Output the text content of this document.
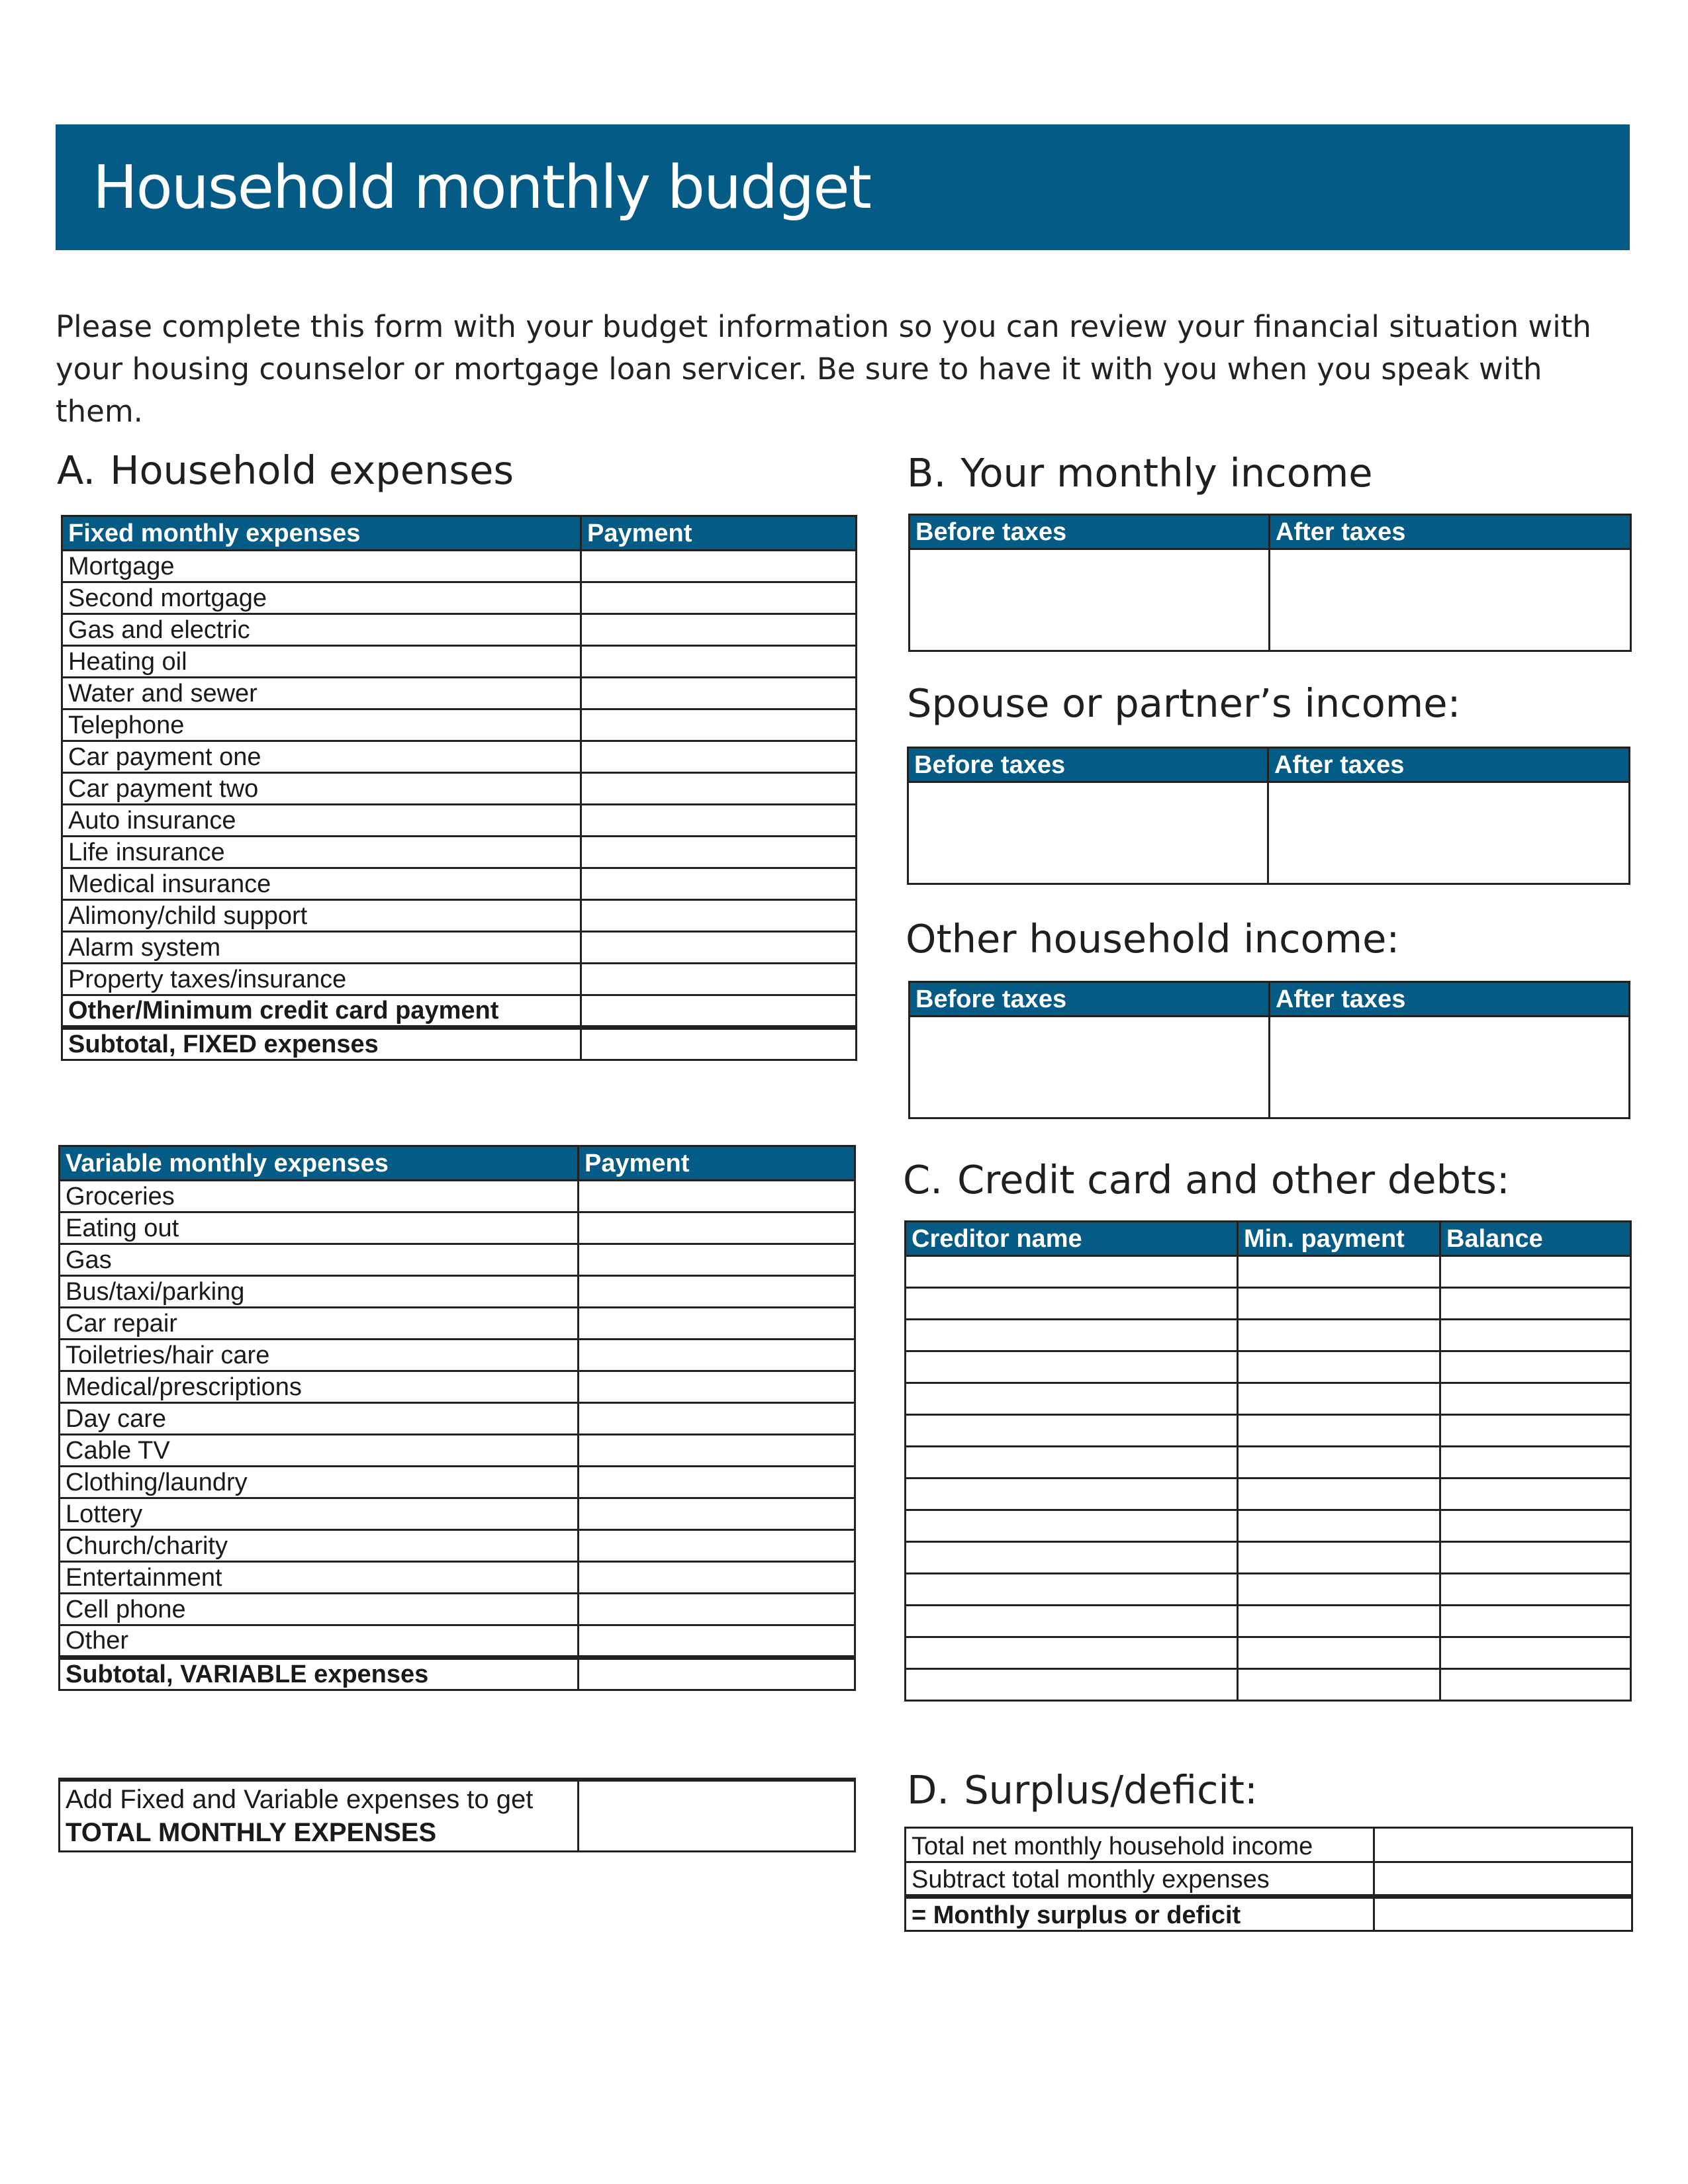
Household monthly budget

Please complete this form with your budget information so you can review your financial situation with your housing counselor or mortgage loan servicer. Be sure to have it with you when you speak with them.

A. Household expenses
Fixed monthly expenses	Payment
Mortgage	
Second mortgage	
Gas and electric	
Heating oil	
Water and sewer	
Telephone	
Car payment one	
Car payment two	
Auto insurance	
Life insurance	
Medical insurance	
Alimony/child support	
Alarm system	
Property taxes/insurance	
Other/Minimum credit card payment	
Subtotal, FIXED expenses	
Variable monthly expenses	Payment
Groceries	
Eating out	
Gas	
Bus/taxi/parking	
Car repair	
Toiletries/hair care	
Medical/prescriptions	
Day care	
Cable TV	
Clothing/laundry	
Lottery	
Church/charity	
Entertainment	
Cell phone	
Other	
Subtotal, VARIABLE expenses	
Add Fixed and Variable expenses to get
TOTAL MONTHLY EXPENSES

B. Your monthly income
Before taxes	After taxes

Spouse or partner’s income:
Before taxes	After taxes

Other household income:
Before taxes	After taxes

C. Credit card and other debts:
Creditor name	Min. payment	Balance

D. Surplus/deficit:
Total net monthly household income	
Subtract total monthly expenses	
= Monthly surplus or deficit	
